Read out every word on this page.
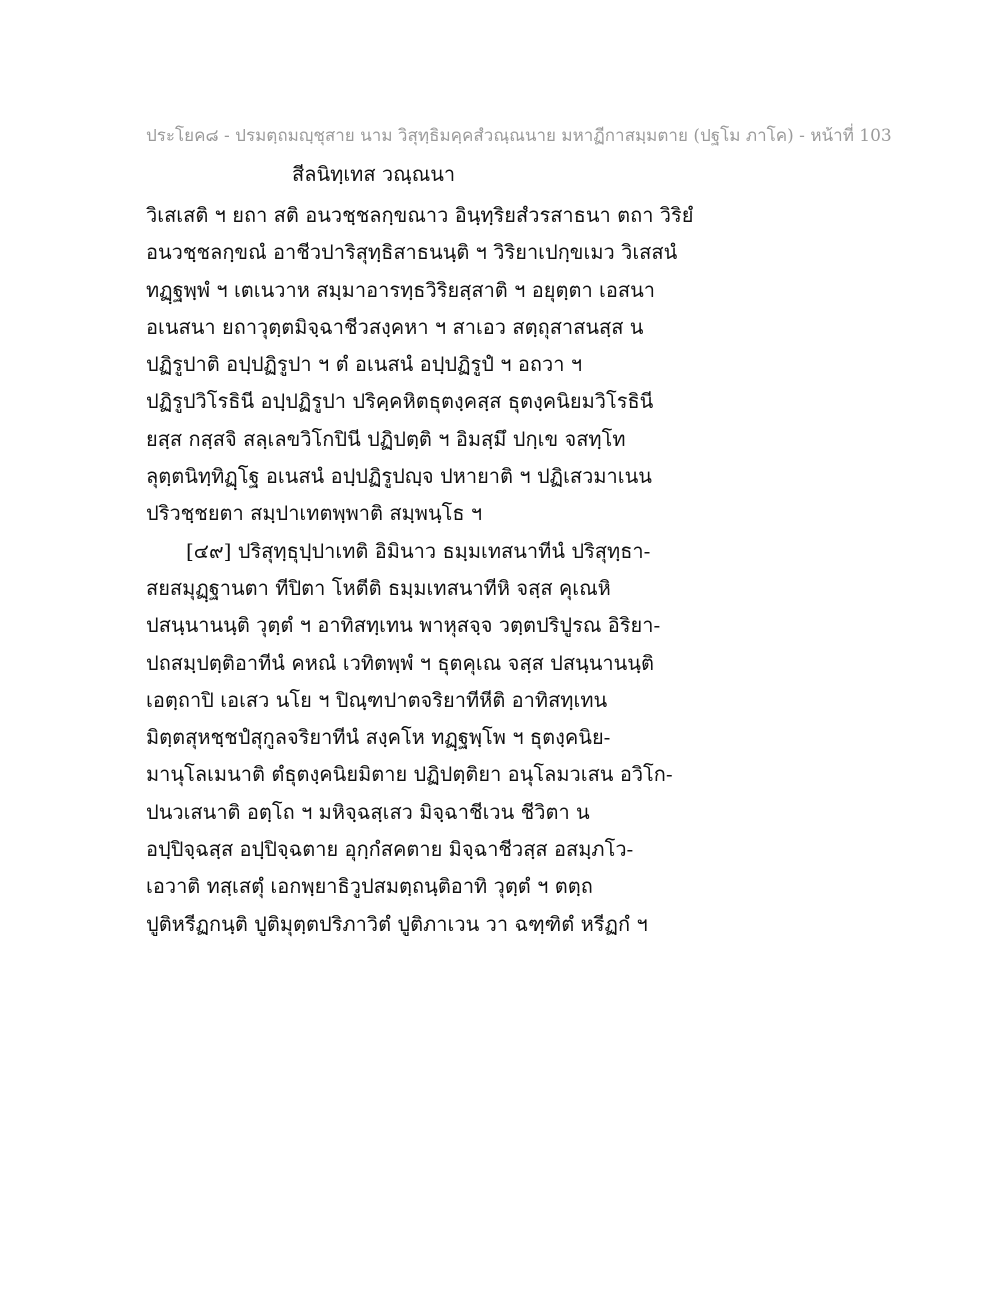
ประโยค๘ - ปรมตฺถมญฺชุสาย นาม วิสุทฺธิมคฺคสํวณฺณนาย มหาฏีกาสมฺมตาย (ปฐโม ภาโค) - หน้าที่ 103
สีลนิทฺเทส วณฺณนา
วิเสเสติ ฯ ยถา สติ อนวชฺชลกฺขณาว อินฺทฺริยสํวรสาธนา ตถา วิริยํ
อนวชฺชลกฺขณํ อาชีวปาริสุทฺธิสาธนนฺติ ฯ วิริยาเปกฺขเมว วิเสสนํ
ทฏฺฐพฺพํ ฯ เตเนวาห สมฺมาอารทฺธวิริยสฺสาติ ฯ อยุตฺตา เอสนา
อเนสนา ยถาวุตฺตมิจฺฉาชีวสงฺคหา ฯ สาเอว สตฺถุสาสนสฺส น
ปฏิรูปาติ อปฺปฏิรูปา ฯ ตํ อเนสนํ อปฺปฏิรูปํ ฯ อถวา ฯ
ปฏิรูปวิโรธินี อปฺปฏิรูปา ปริคฺคหิตธุตงฺคสฺส ธุตงฺคนิยมวิโรธินี
ยสฺส กสฺสจิ สลฺเลขวิโกปินี ปฏิปตฺติ ฯ อิมสฺมึ ปกฺเข จสทฺโท
ลุตฺตนิทฺทิฏฺโฐ อเนสนํ อปฺปฏิรูปญฺจ ปหายาติ ฯ ปฏิเสวมาเนน
ปริวชฺชยตา สมฺปาเทตพฺพาติ สมฺพนฺโธ ฯ
[๔๙] ปริสุทฺธุปฺปาเทติ อิมินาว ธมฺมเทสนาทีนํ ปริสุทฺธา-
สยสมุฏฺฐานตา ทีปิตา โหตีติ ธมฺมเทสนาทีหิ จสฺส คุเณหิ
ปสนฺนานนฺติ วุตฺตํ ฯ อาทิสทฺเทน พาหุสจฺจ วตฺตปริปูรณ อิริยา-
ปถสมฺปตฺติอาทีนํ คหณํ เวทิตพฺพํ ฯ ธุตคุเณ จสฺส ปสนฺนานนฺติ
เอตฺถาปิ เอเสว นโย ฯ ปิณฺฑปาตจริยาทีหีติ อาทิสทฺเทน
มิตฺตสุหชฺชปํสุกูลจริยาทีนํ สงฺคโห ทฏฺฐพฺโพ ฯ ธุตงฺคนิย-
มานุโลเมนาติ ตํธุตงฺคนิยมิตาย ปฏิปตฺติยา อนุโลมวเสน อวิโก-
ปนวเสนาติ อตฺโถ ฯ มหิจฺฉสฺเสว มิจฺฉาชีเวน ชีวิตา น
อปฺปิจฺฉสฺส อปฺปิจฺฉตาย อุกฺกํสคตาย มิจฺฉาชีวสฺส อสมฺภโว-
เอวาติ ทสฺเสตุํ เอกพฺยาธิวูปสมตฺถนฺติอาทิ วุตฺตํ ฯ ตตฺถ
ปูติหรีฏกนฺติ ปูติมุตฺตปริภาวิตํ ปูติภาเวน วา ฉฑฺฑิตํ หรีฏกํ ฯ
